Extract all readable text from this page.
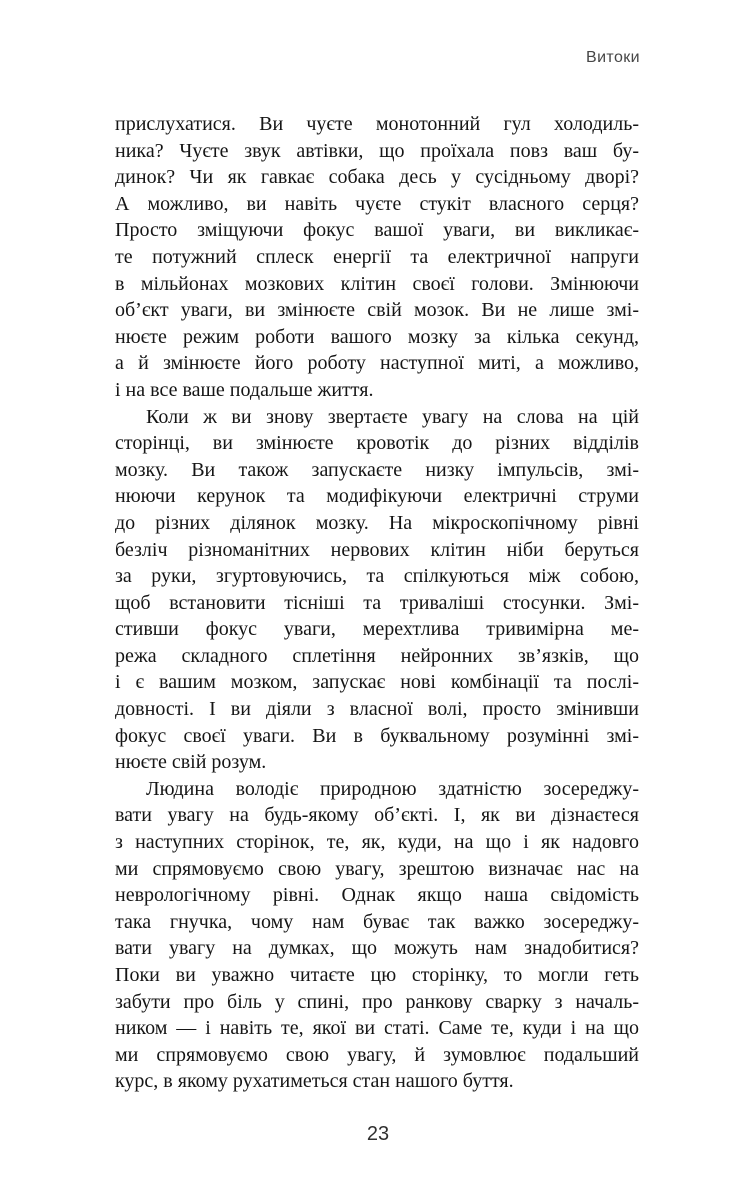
Витоки
прислухатися. Ви чуєте монотонний гул холодиль-
ника? Чуєте звук автівки, що проїхала повз ваш бу-
динок? Чи як гавкає собака десь у сусідньому дворі?
А можливо, ви навіть чуєте стукіт власного серця?
Просто зміщуючи фокус вашої уваги, ви викликає-
те потужний сплеск енергії та електричної напруги
в мільйонах мозкових клітин своєї голови. Змінюючи
об’єкт уваги, ви змінюєте свій мозок. Ви не лише змі-
нюєте режим роботи вашого мозку за кілька секунд,
а й змінюєте його роботу наступної миті, а можливо,
і на все ваше подальше життя.
Коли ж ви знову звертаєте увагу на слова на цій
сторінці, ви змінюєте кровотік до різних відділів
мозку. Ви також запускаєте низку імпульсів, змі-
нюючи керунок та модифікуючи електричні струми
до різних ділянок мозку. На мікроскопічному рівні
безліч різноманітних нервових клітин ніби беруться
за руки, згуртовуючись, та спілкуються між собою,
щоб встановити тісніші та триваліші стосунки. Змі-
стивши фокус уваги, мерехтлива тривимірна ме-
режа складного сплетіння нейронних зв’язків, що
і є вашим мозком, запускає нові комбінації та послі-
довності. І ви діяли з власної волі, просто змінивши
фокус своєї уваги. Ви в буквальному розумінні змі-
нюєте свій розум.
Людина володіє природною здатністю зосереджу-
вати увагу на будь-якому об’єкті. І, як ви дізнаєтеся
з наступних сторінок, те, як, куди, на що і як надовго
ми спрямовуємо свою увагу, зрештою визначає нас на
неврологічному рівні. Однак якщо наша свідомість
така гнучка, чому нам буває так важко зосереджу-
вати увагу на думках, що можуть нам знадобитися?
Поки ви уважно читаєте цю сторінку, то могли геть
забути про біль у спині, про ранкову сварку з началь-
ником — і навіть те, якої ви статі. Саме те, куди і на що
ми спрямовуємо свою увагу, й зумовлює подальший
курс, в якому рухатиметься стан нашого буття.
23
